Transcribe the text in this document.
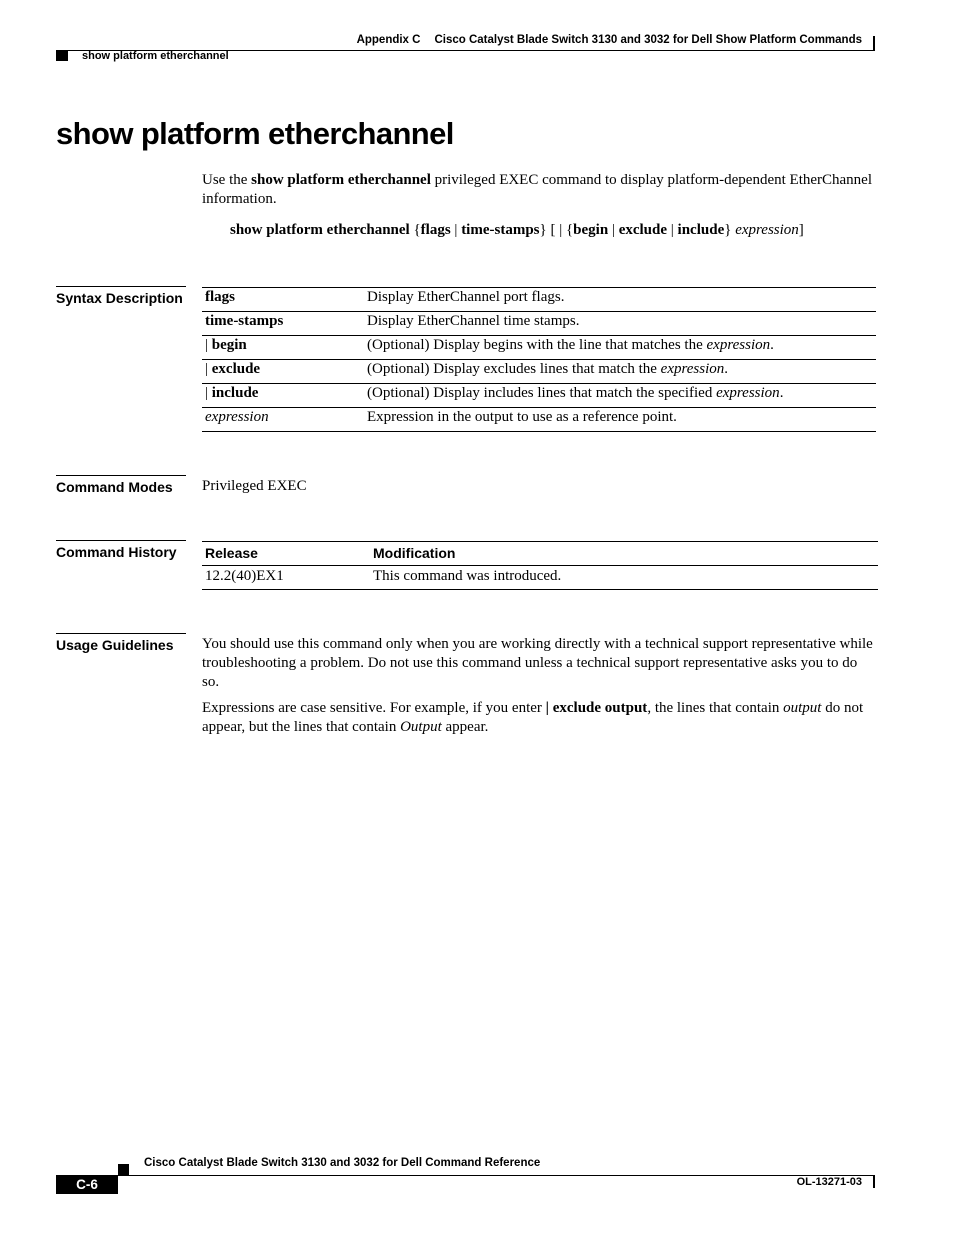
Appendix C Cisco Catalyst Blade Switch 3130 and 3032 for Dell Show Platform Commands
show platform etherchannel
show platform etherchannel
Use the show platform etherchannel privileged EXEC command to display platform-dependent EtherChannel information.
show platform etherchannel {flags | time-stamps} [ | {begin | exclude | include} expression]
Syntax Description flags	Display EtherChannel port flags.
time-stamps	Display EtherChannel time stamps.
| begin	(Optional) Display begins with the line that matches the expression.
| exclude	(Optional) Display excludes lines that match the expression.
| include	(Optional) Display includes lines that match the specified expression.
expression	Expression in the output to use as a reference point.
Command Modes	Privileged EXEC
Command History	Release	Modification
12.2(40)EX1	This command was introduced.
Usage Guidelines	You should use this command only when you are working directly with a technical support representative while troubleshooting a problem. Do not use this command unless a technical support representative asks you to do so.
Expressions are case sensitive. For example, if you enter | exclude output, the lines that contain output do not appear, but the lines that contain Output appear.
Cisco Catalyst Blade Switch 3130 and 3032 for Dell Command Reference
C-6	OL-13271-03
